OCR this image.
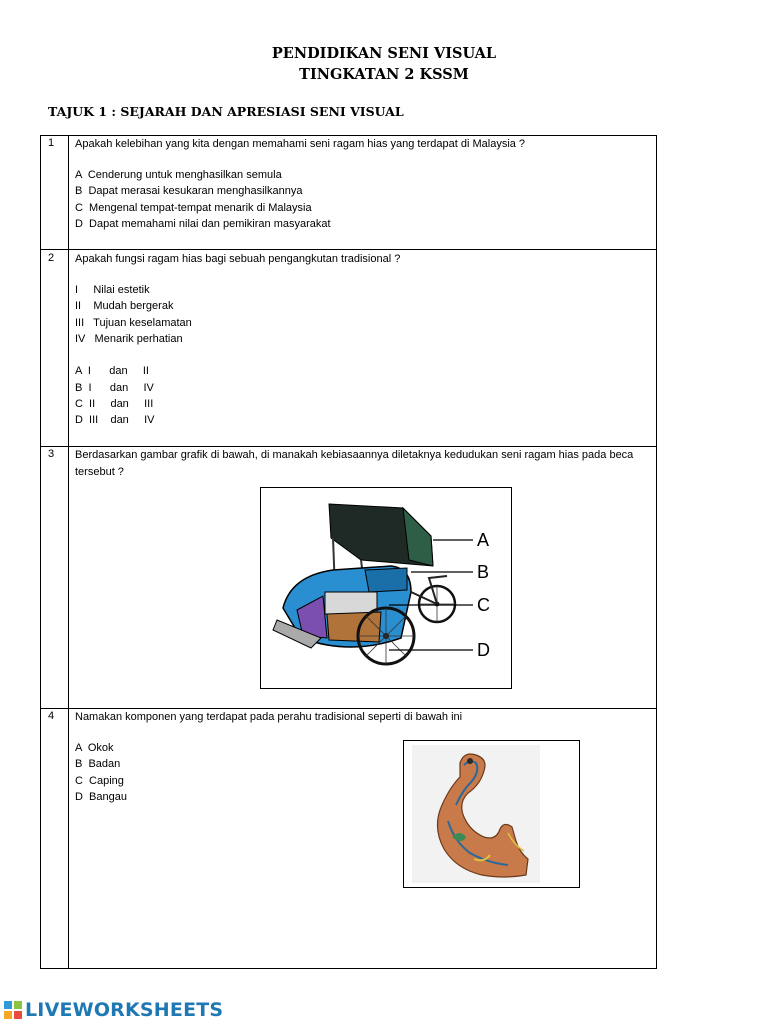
PENDIDIKAN SENI VISUAL
TINGKATAN 2 KSSM
TAJUK 1 : SEJARAH DAN APRESIASI SENI VISUAL
1 Apakah kelebihan yang kita dengan memahami seni ragam hias yang terdapat di Malaysia ?
A  Cenderung untuk menghasilkan semula
B  Dapat merasai kesukaran menghasilkannya
C  Mengenal tempat-tempat menarik di Malaysia
D  Dapat memahami nilai dan pemikiran masyarakat
2 Apakah fungsi ragam hias bagi sebuah pengangkutan tradisional ?
I     Nilai estetik
II    Mudah bergerak
III   Tujuan keselamatan
IV   Menarik perhatian
A  I      dan     II
B  I      dan     IV
C  II     dan     III
D  III    dan     IV
3 Berdasarkan gambar grafik di bawah, di manakah kebiasaannya diletaknya kedudukan seni ragam hias pada beca tersebut ?
A
B
C
D
4 Namakan komponen yang terdapat pada perahu tradisional seperti di bawah ini
A  Okok
B  Badan
C  Caping
D  Bangau
LIVEWORKSHEETS
